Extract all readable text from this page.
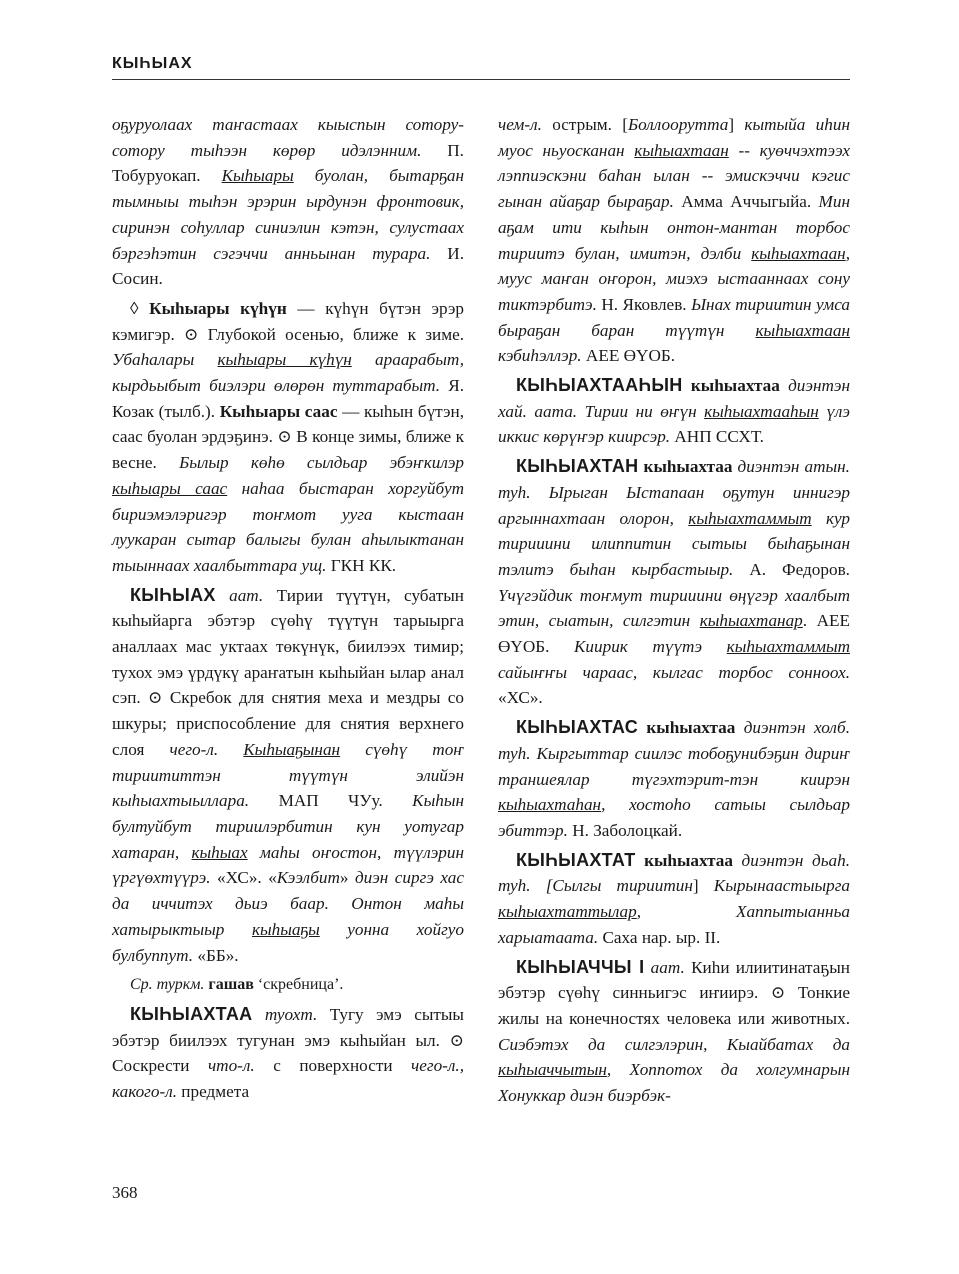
КЫҺЫАХ

оҕуруолаах таҥастаах кыыспын сотору-сотору тыһээн көрөр идэлэнним. П. Тобуруокап. Кыһыары буолан, бытарҕан тымныы тыһэн эрэрин ырдунэн фронтовик, сиринэн соһуллар синиэлин кэтэн, сулустаах бэргэһэтин сэгэччи анньынан турара. И. Сосин.

◊ Кыһыары күһүн — күһүн бүтэн эрэр кэмигэр. ⊙ Глубокой осенью, ближе к зиме. Убаһалары кыһыары күһүн араарабыт, кырдьыбыт биэлэри өлөрөн туттарабыт. Я. Козак (тылб.). Кыһыары саас — кыһын бүтэн, саас буолан эрдэҕинэ. ⊙ В конце зимы, ближе к весне. Былыр көһө сылдьар эбэҥкилэр кыһыары саас наһаа быстаран хоргуйбут бириэмэлэригэр тоҥмот ууга кыстаан луукаран сытар балыгы булан аһылыктанан тыыннаах хаалбыттара ущ. ГКН КК.

КЫҺЫАХ аат. Тирии түүтүн, субатын кыһыйарга эбэтэр сүөһү түүтүн тарыырга аналлаах мас уктаах төкүнүк, биилээх тимир; тухох эмэ үрдүкү араҥатын кыһыйан ылар анал сэп. ⊙ Скребок для снятия меха и мездры со шкуры; приспособление для снятия верхнего слоя чего-л. Кыһыаҕынан сүөһү тоҥ тириититтэн түүтүн элийэн кыһыахтыыллара. МАП ЧУу. Кыһын бултуйбут тириилэрбитин кун уотугар хатаран, кыһыах маһы оҥостон, түүлэрин үргүөхтүүрэ. «ХС». «Кээлбит» диэн сиргэ хас да иччитэх дьиэ баар. Онтон маһы хатырыктыыр кыһыаҕы уонна хойгуо булбуппут. «ББ».

Ср. туркм. гашав ‘скребница’.

КЫҺЫАХТАА туохт. Тугу эмэ сытыы эбэтэр биилээх тугунан эмэ кыһыйан ыл. ⊙ Соскрести что-л. с поверхности чего-л., какого-л. предмета

чем-л. острым. [Боллоорутта] кытыйа иһин муос ньуосканан кыһыахтаан -- куөччэхтээх лэппиэскэни баһан ылан -- эмискэччи кэгис гынан айаҕар быраҕар. Амма Аччыгыйа. Мин аҕам ити кыһын онтон-мантан торбос тириитэ булан, имитэн, дэлби кыһыахтаан, муус маҥан оҥорон, миэхэ ыстааннаах сону тиктэрбитэ. Н. Яковлев. Ынах тириитин умса быраҕан баран түүтүн кыһыахтаан кэбиһэллэр. АЕЕ ӨҮОБ.

КЫҺЫАХТААҺЫН кыһыахтаа диэнтэн хай. аата. Тирии ни өҥүн кыһыахтааһын үлэ иккис көрүҥэр киирсэр. АНП ССХТ.

КЫҺЫАХТАН кыһыахтаа диэнтэн атын. туһ. Ырыган Ыстапаан оҕутун иннигэр аргыннахтаан олорон, кыһыахтаммыт кур тирииини илиппитин сытыы быһаҕынан тэлитэ быһан кырбастыыр. А. Федоров. Үчүгэйдик тоҥмут тирииини өңүгэр хаалбыт этин, сыатын, силгэтин кыһыахтанар. АЕЕ ӨҮОБ. Киирик түүтэ кыһыахтаммыт сайыҥҥы чараас, кылгас торбос сонноох. «ХС».

КЫҺЫАХТАС кыһыахтаа диэнтэн холб. туһ. Кыргыттар сиилэс тобоҕунибэҕин дириҥ траншеялар түгэхтэрит-тэн киирэн кыһыахтаһан, хостоһо сатыы сылдьар эбиттэр. Н. Заболоцкай.

КЫҺЫАХТАТ кыһыахтаа диэнтэн дьаһ. туһ. [Сылгы тириитин] Кырынаастыырга кыһыахтаттылар, Хаппытыанньа харыатаата. Саха нар. ыр. II.

КЫҺЫАЧЧЫ I аат. Киһи илиитинатаҕын эбэтэр сүөһү синньигэс иҥиирэ. ⊙ Тонкие жилы на конечностях человека или животных. Сиэбэтэх да силгэлэрин, Кыайбатах да кыһыаччытын, Хоппотох да холгумнарын Хонуккар диэн биэрбэк-

368
